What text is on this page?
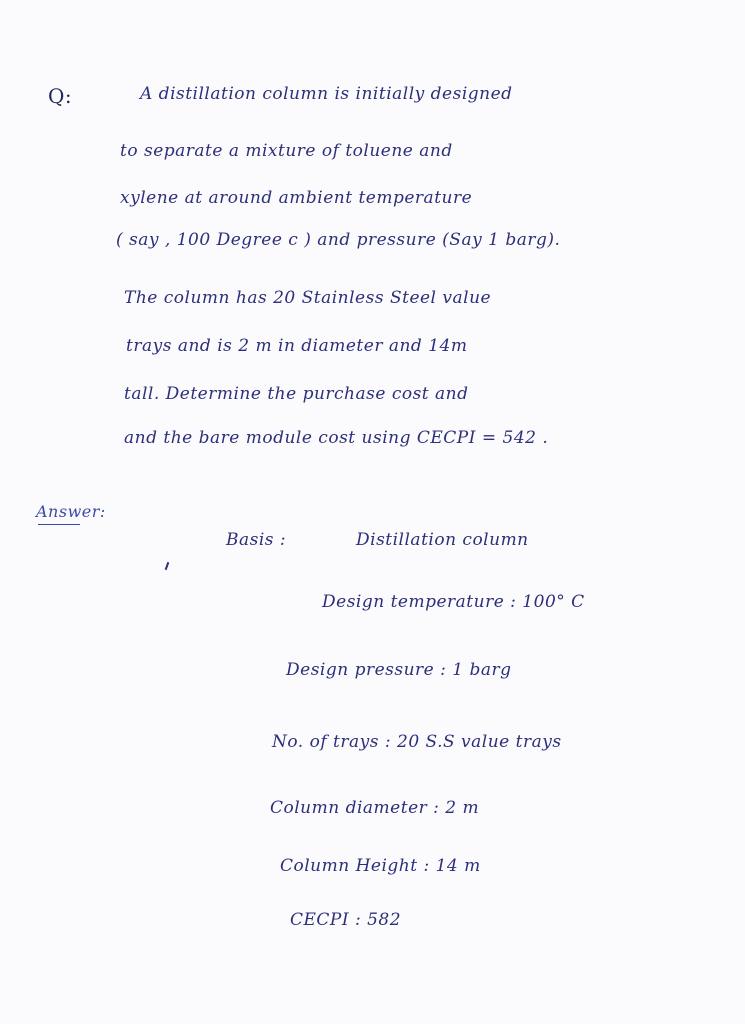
Q:	A distillation column is initially designed
to separate a mixture of toluene and
xylene at around ambient temperature
( say , 100 Degree c ) and pressure (Say 1 barg).
The column has 20 Stainless Steel value
trays and is 2 m in diameter and 14m
tall. Determine the purchase cost and
and the bare module cost using CECPI = 542 .
Answer:
Basis :	Distillation column
Design temperature : 100° C
Design pressure : 1 barg
No. of trays : 20 S.S value trays
Column diameter : 2 m
Column Height : 14 m
CECPI : 582
